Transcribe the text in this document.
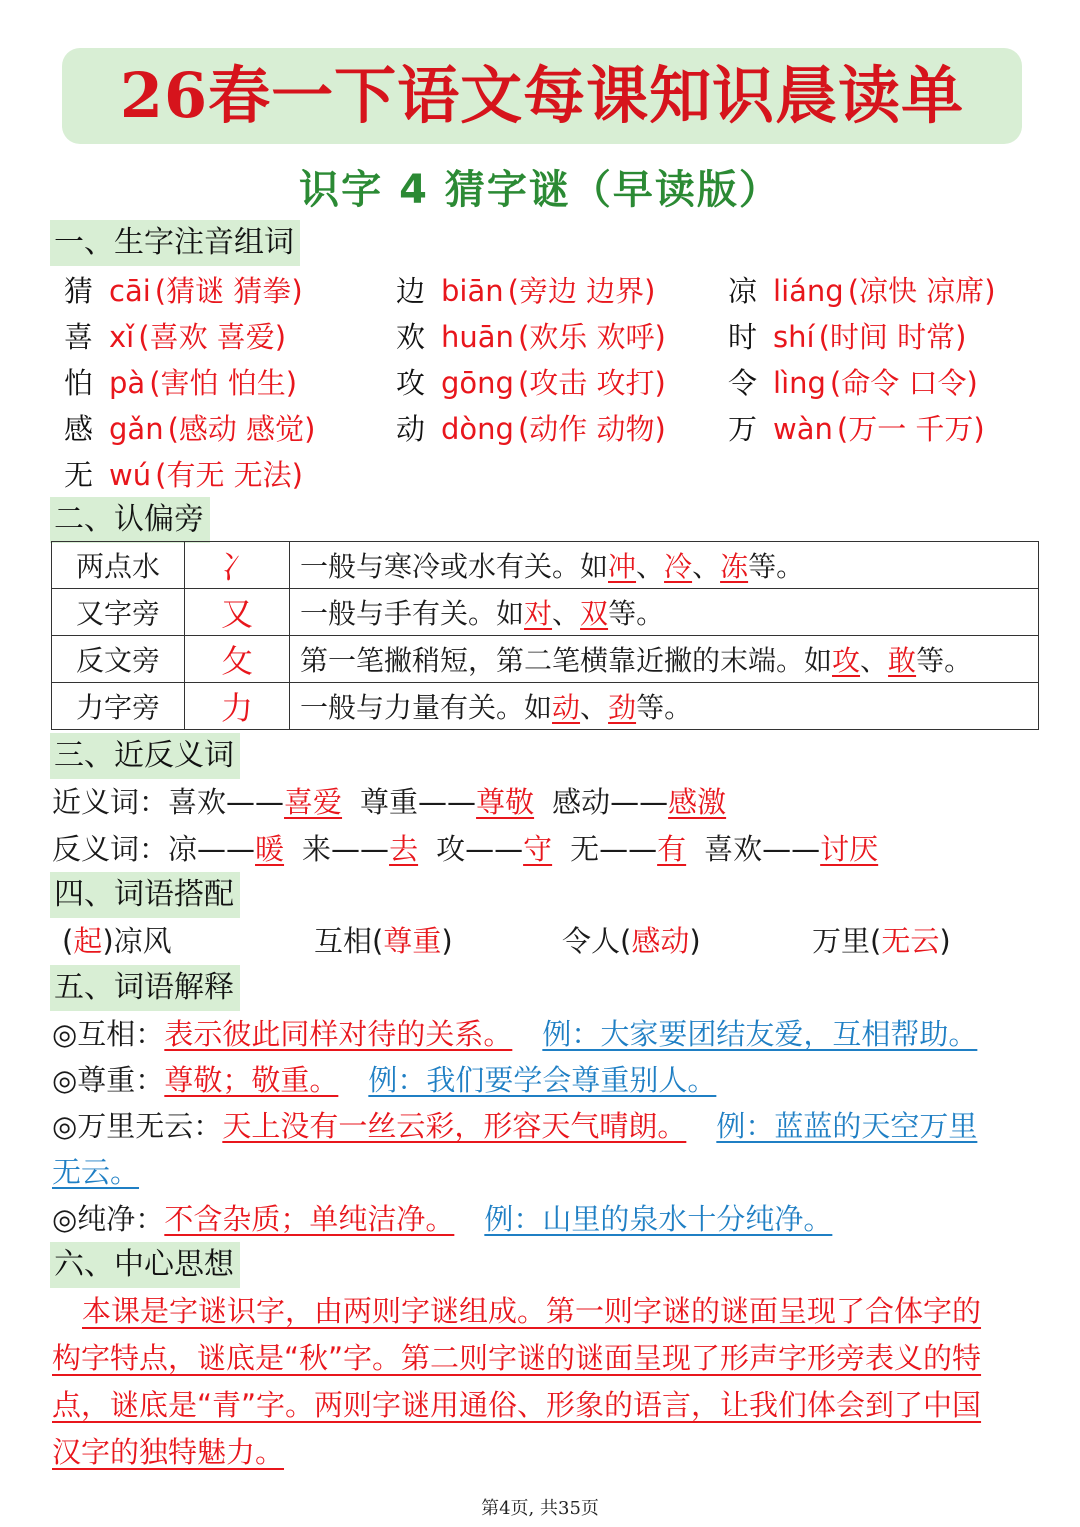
26春一下语文每课知识晨读单
识字 4 猜字谜（早读版）
一、生字注音组词
猜 cāi (猜谜 猜拳)	边 biān (旁边 边界)	凉 liáng (凉快 凉席)
喜 xǐ (喜欢 喜爱)	欢 huān (欢乐 欢呼) 时 shí (时间 时常)
怕 pà (害怕 怕生)	攻 gōng (攻击 攻打) 令 lìng (命令 口令)
感 gǎn (感动 感觉)	动 dòng (动作 动物) 万 wàn (万一 千万)
无 wú (有无 无法)
二、认偏旁
两点水	冫	一般与寒冷或水有关。如冲、冷、冻等。
又字旁	又	一般与手有关。如对、双等。
反文旁	攵	第一笔撇稍短，第二笔横靠近撇的末端。如攻、敢等。
力字旁	力	一般与力量有关。如动、劲等。
三、近反义词
近义词：喜欢——喜爱 尊重——尊敬 感动——感激
反义词：凉——暖 来——去 攻——守 无——有 喜欢——讨厌
四、词语搭配
(起)凉风	互相(尊重)	令人(感动)	万里(无云)
五、词语解释
◎互相：表示彼此同样对待的关系。 例：大家要团结友爱，互相帮助。
◎尊重：尊敬；敬重。 例：我们要学会尊重别人。
◎万里无云：天上没有一丝云彩，形容天气晴朗。 例：蓝蓝的天空万里
无云。
◎纯净：不含杂质；单纯洁净。 例：山里的泉水十分纯净。
六、中心思想
本课是字谜识字，由两则字谜组成。第一则字谜的谜面呈现了合体字的
构字特点，谜底是“秋”字。第二则字谜的谜面呈现了形声字形旁表义的特
点，谜底是“青”字。两则字谜用通俗、形象的语言，让我们体会到了中国
汉字的独特魅力。
第4页, 共35页
